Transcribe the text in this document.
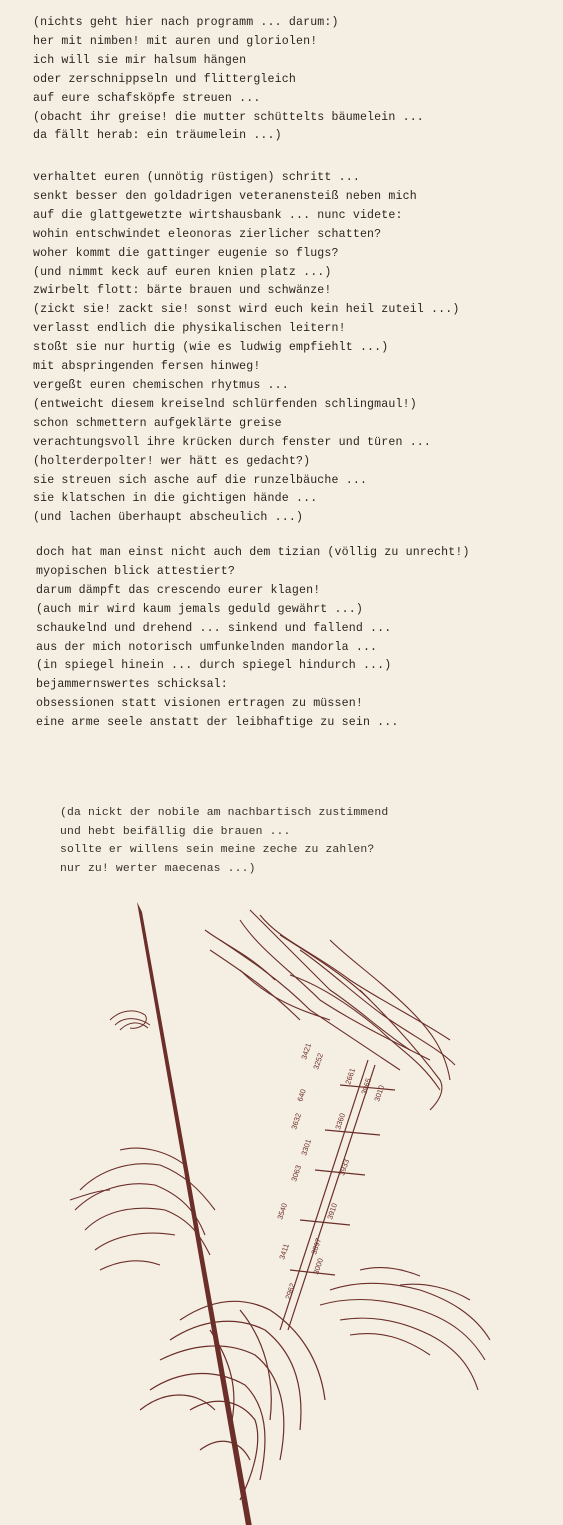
(nichts geht hier nach programm ... darum:)
her mit nimben! mit auren und gloriolen!
ich will sie mir halsum hängen
oder zerschnippseln und flittergleich
auf eure schafsköpfe streuen ...
(obacht ihr greise! die mutter schüttelts bäumelein ...
da fällt herab: ein träumelein ...)
verhaltet euren (unnötig rüstigen) schritt ...
senkt besser den goldadrigen veteranensteiß neben mich
auf die glattgewetzte wirtshausbank ... nunc videte:
wohin entschwindet eleonoras zierlicher schatten?
woher kommt die gattinger eugenie so flugs?
(und nimmt keck auf euren knien platz ...)
zwirbelt flott: bärte brauen und schwänze!
(zickt sie! zackt sie! sonst wird euch kein heil zuteil ...)
verlasst endlich die physikalischen leitern!
stoßt sie nur hurtig (wie es ludwig empfiehlt ...)
mit abspringenden fersen hinweg!
vergeßt euren chemischen rhytmus ...
(entweicht diesem kreiselnd schlürfenden schlingmaul!)
schon schmettern aufgeklärte greise
verachtungsvoll ihre krücken durch fenster und türen ...
(holterderpolter! wer hätt es gedacht?)
sie streuen sich asche auf die runzelbäuche ...
sie klatschen in die gichtigen hände ...
(und lachen überhaupt abscheulich ...)
doch hat man einst nicht auch dem tizian (völlig zu unrecht!)
myopischen blick attestiert?
darum dämpft das crescendo eurer klagen!
(auch mir wird kaum jemals geduld gewährt ...)
schaukelnd und drehend ... sinkend und fallend ...
aus der mich notorisch umfunkelnden mandorla ...
(in spiegel hinein ... durch spiegel hindurch ...)
bejammernswertes schicksal:
obsessionen statt visionen ertragen zu müssen!
eine arme seele anstatt der leibhaftige zu sein ...
(da nickt der nobile am nachbartisch zustimmend
und hebt beifällig die brauen ...
sollte er willens sein meine zeche zu zahlen?
nur zu! werter maecenas ...)
3421
3252
3965
640	3010
3632	3360
3301
3063	3933
3540	3910
3411 3897
3000
2962
2661
